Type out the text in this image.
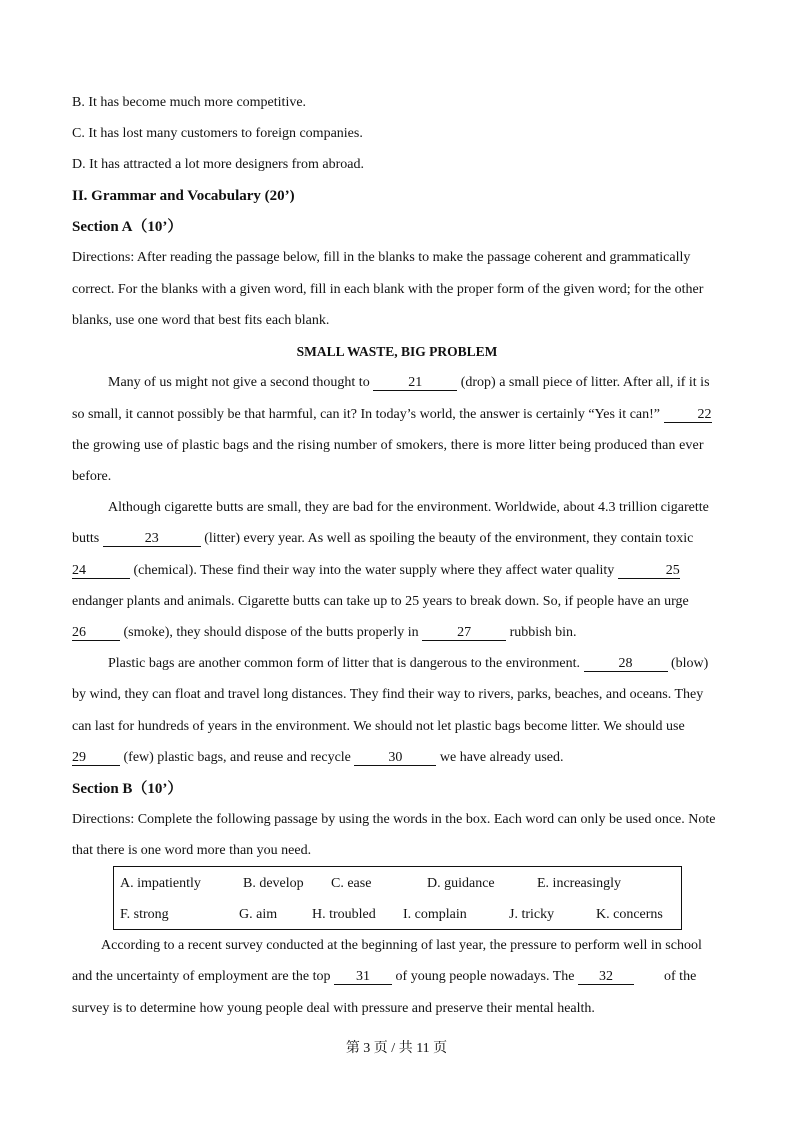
B. It has become much more competitive.
C. It has lost many customers to foreign companies.
D. It has attracted a lot more designers from abroad.
II. Grammar and Vocabulary (20’)
Section A（10’）
Directions: After reading the passage below, fill in the blanks to make the passage coherent and grammatically
correct. For the blanks with a given word, fill in each blank with the proper form of the given word; for the other
blanks, use one word that best fits each blank.
SMALL WASTE, BIG PROBLEM
Many of us might not give a second thought to	21	(drop) a small piece of litter. After all, if it is
so small, it cannot possibly be that harmful, can it? In today’s world, the answer is certainly “Yes it can!” 22
the growing use of plastic bags and the rising number of smokers, there is more litter being produced than ever
before.
Although cigarette butts are small, they are bad for the environment. Worldwide, about 4.3 trillion cigarette
butts	23	(litter) every year. As well as spoiling the beauty of the environment, they contain toxic
24	(chemical). These find their way into the water supply where they affect water quality	25
endanger plants and animals. Cigarette butts can take up to 25 years to break down. So, if people have an urge
26 (smoke), they should dispose of the butts properly in	27	rubbish bin.
Plastic bags are another common form of litter that is dangerous to the environment.	28	(blow)
by wind, they can float and travel long distances. They find their way to rivers, parks, beaches, and oceans. They
can last for hundreds of years in the environment. We should not let plastic bags become litter. We should use
29 (few) plastic bags, and reuse and recycle 30 we have already used.
Section B（10’）
Directions: Complete the following passage by using the words in the box. Each word can only be used once. Note
that there is one word more than you need.
A. impatiently	B. develop C. ease	D. guidance	E. increasingly
F. strong	G. aim H. troubled I. complain	J. tricky	K. concerns
According to a recent survey conducted at the beginning of last year, the pressure to perform well in school
and the uncertainty of employment are the top 31 of young people nowadays. The 32	of the
survey is to determine how young people deal with pressure and preserve their mental health.
第 3 页 / 共 11 页
